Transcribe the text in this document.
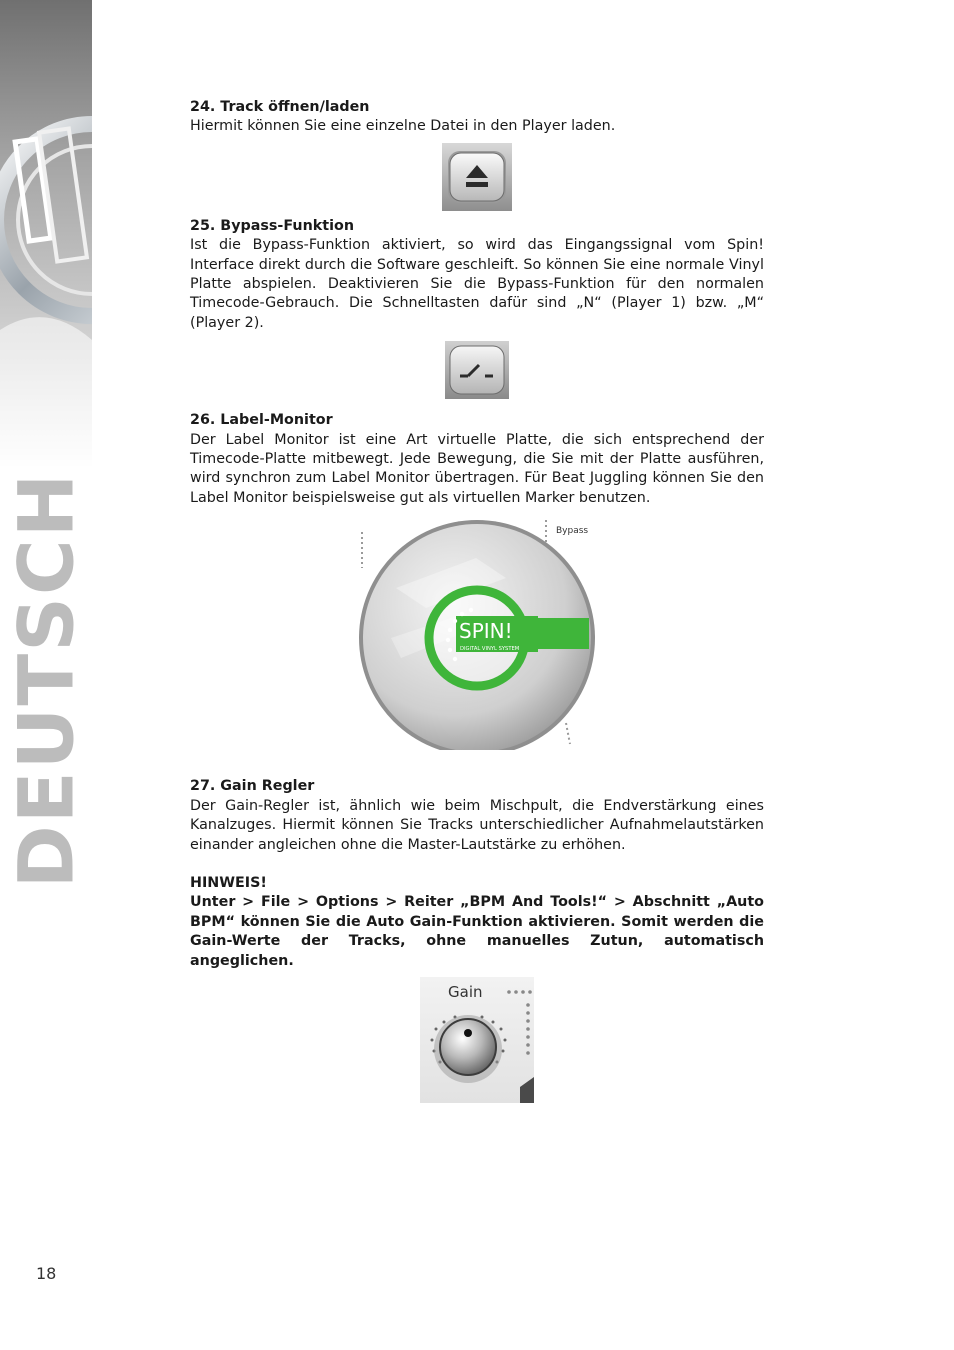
DEUTSCH
18
24. Track öffnen/laden

Hiermit können Sie eine einzelne Datei in den Player laden.

25. Bypass-Funktion

Ist die Bypass-Funktion aktiviert, so wird das Eingangssignal vom Spin! Interface direkt durch die Software geschleift. So können Sie eine normale Vinyl Platte abspielen. Deaktivieren Sie die Bypass-Funktion für den normalen Timecode-Gebrauch. Die Schnelltasten dafür sind „N“ (Player 1) bzw. „M“ (Player 2).

26. Label-Monitor

Der Label Monitor ist eine Art virtuelle Platte, die sich entsprechend der Timecode-Platte mitbewegt. Jede Bewegung, die Sie mit der Platte ausführen, wird synchron zum Label Monitor übertragen. Für Beat Juggling können Sie den Label Monitor beispielsweise gut als virtuellen Marker benutzen.

SPIN!
DIGITAL VINYL SYSTEM
Bypass
27. Gain Regler

Der Gain-Regler ist, ähnlich wie beim Mischpult, die Endverstärkung eines Kanalzuges. Hiermit können Sie Tracks unterschiedlicher Aufnahmelautstärken einander angleichen ohne die Master-Lautstärke zu erhöhen.

HINWEIS!

Unter > File > Options > Reiter „BPM And Tools!“ > Abschnitt „Auto BPM“ können Sie die Auto Gain-Funktion aktivieren. Somit werden die Gain-Werte der Tracks, ohne manuelles Zutun, automatisch angeglichen.

Gain
